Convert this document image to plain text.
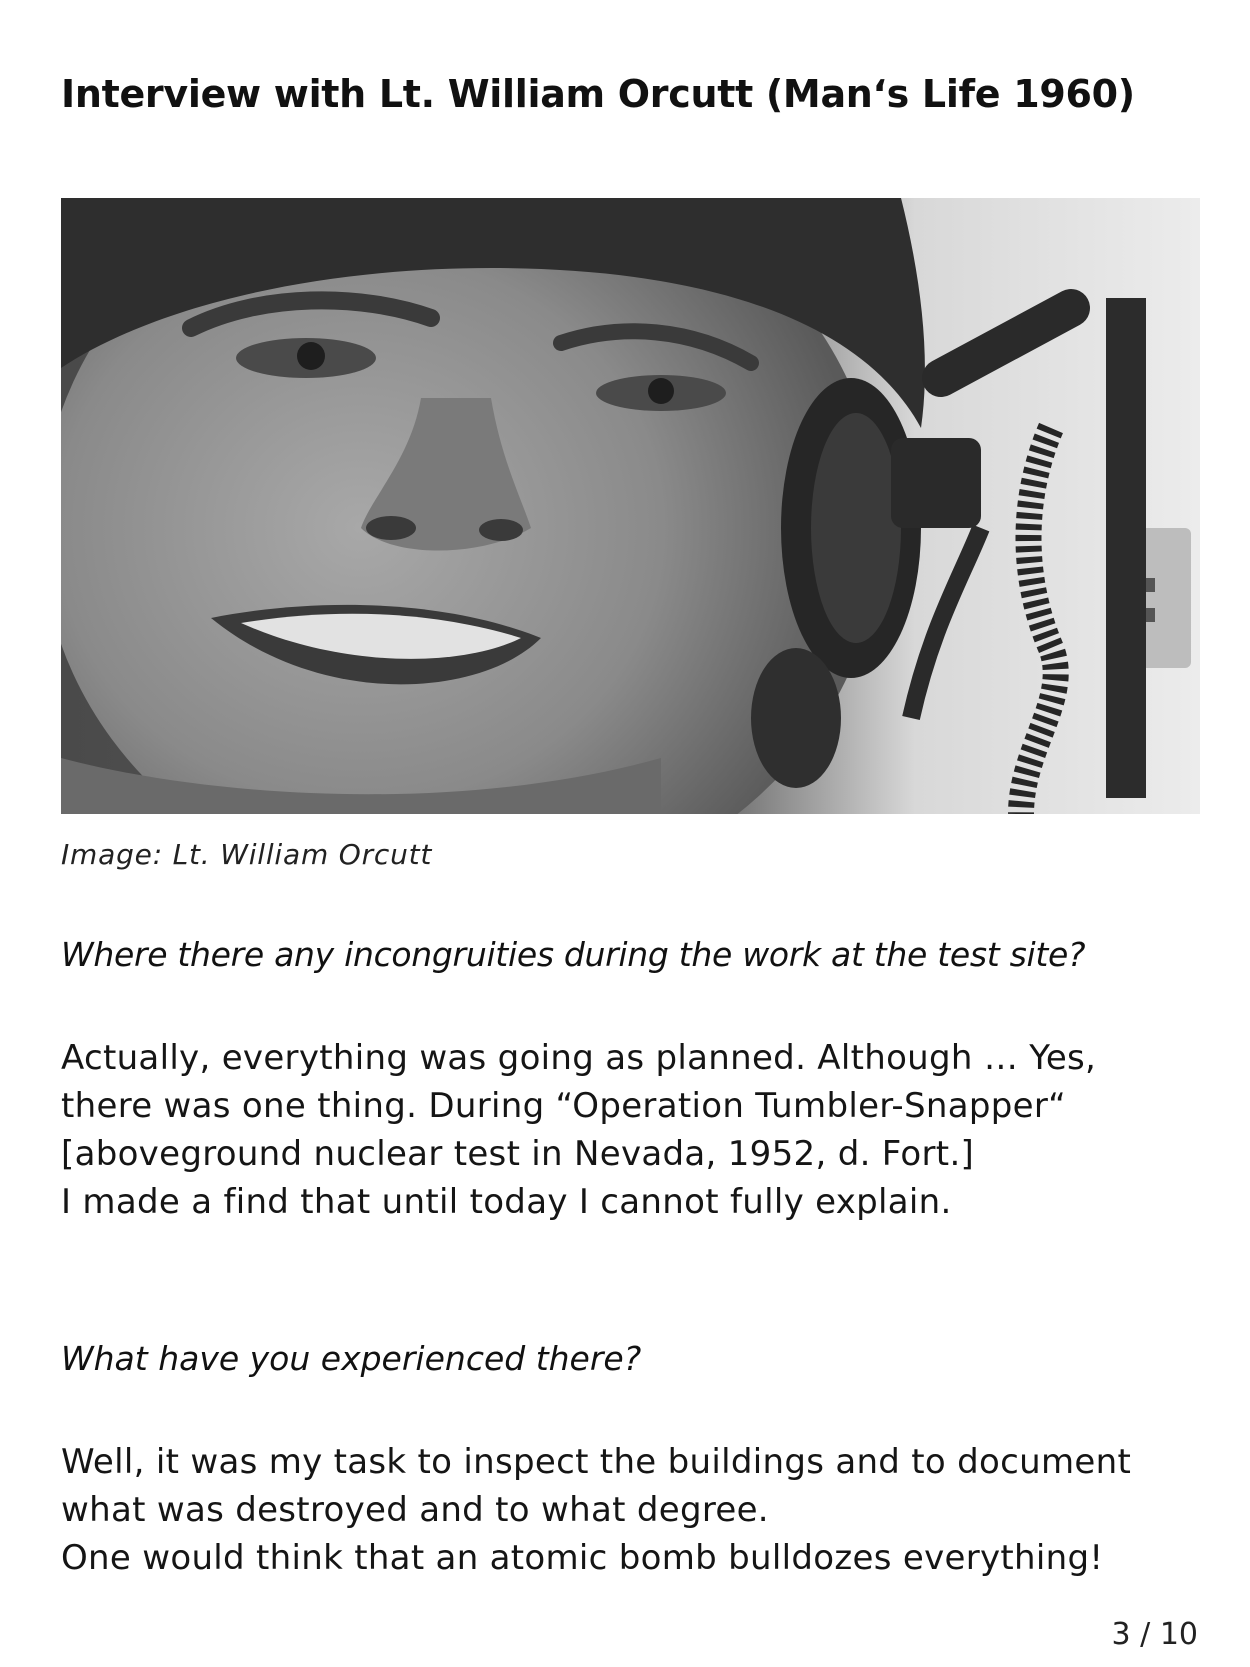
Interview with Lt. William Orcutt (Man‘s Life 1960)

Image: Lt. William Orcutt

Where there any incongruities during the work at the test site?

Actually, everything was going as planned. Although … Yes,
there was one thing. During “Operation Tumbler-Snapper“
[aboveground nuclear test in Nevada, 1952, d. Fort.]
I made a find that until today I cannot fully explain.

What have you experienced there?

Well, it was my task to inspect the buildings and to document
what was destroyed and to what degree.
One would think that an atomic bomb bulldozes everything!

3 / 10
